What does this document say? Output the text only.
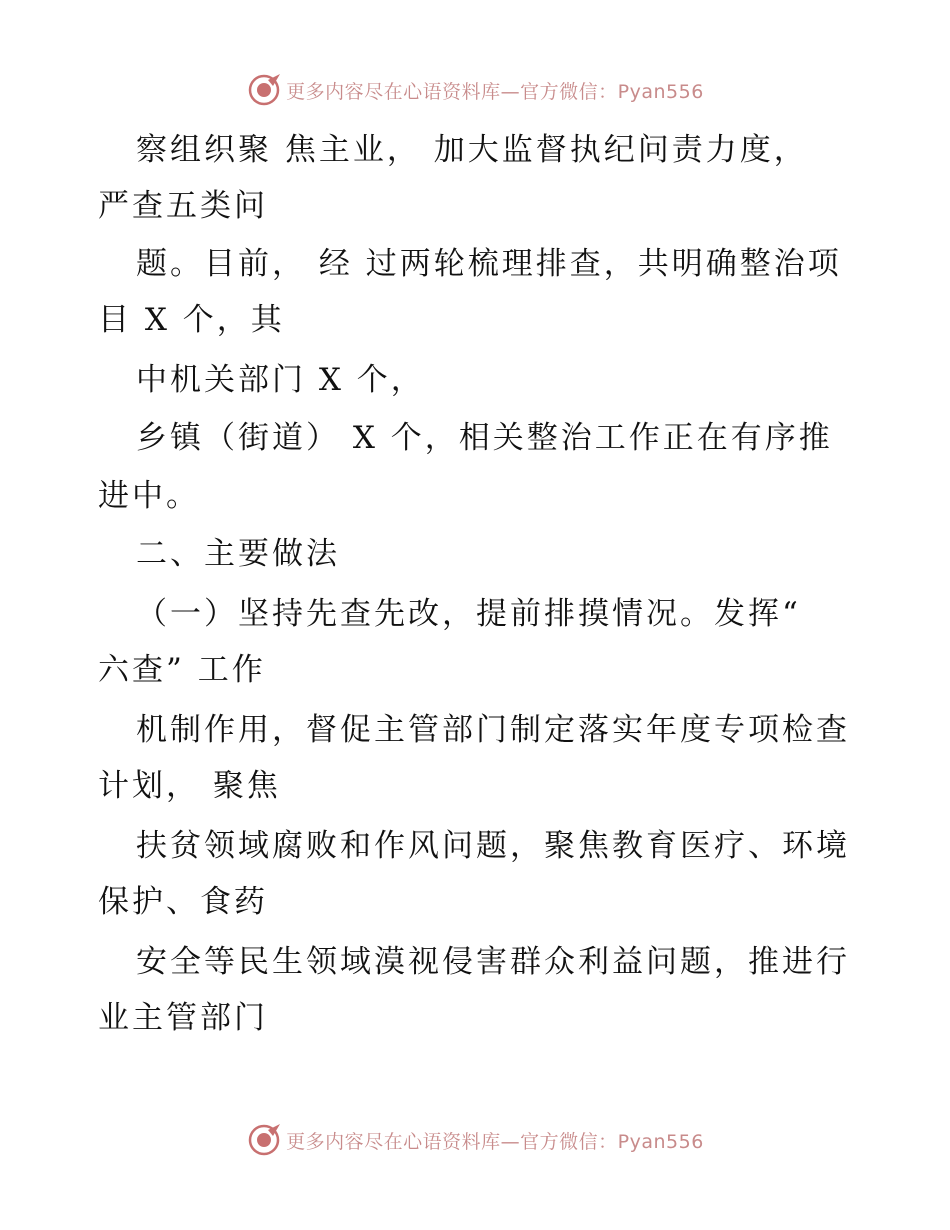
更多内容尽在心语资料库—官方微信：Pyan556
察组织聚 焦主业， 加大监督执纪问责力度，
严查五类问
题。目前， 经 过两轮梳理排查，共明确整治项
目 X 个，其
中机关部门 X 个，
乡镇（街道） X 个，相关整治工作正在有序推
进中。
二、主要做法
（一）坚持先查先改，提前排摸情况。发挥“
六查” 工作
机制作用，督促主管部门制定落实年度专项检查
计划， 聚焦
扶贫领域腐败和作风问题，聚焦教育医疗、环境
保护、食药
安全等民生领域漠视侵害群众利益问题，推进行
业主管部门
更多内容尽在心语资料库—官方微信：Pyan556
